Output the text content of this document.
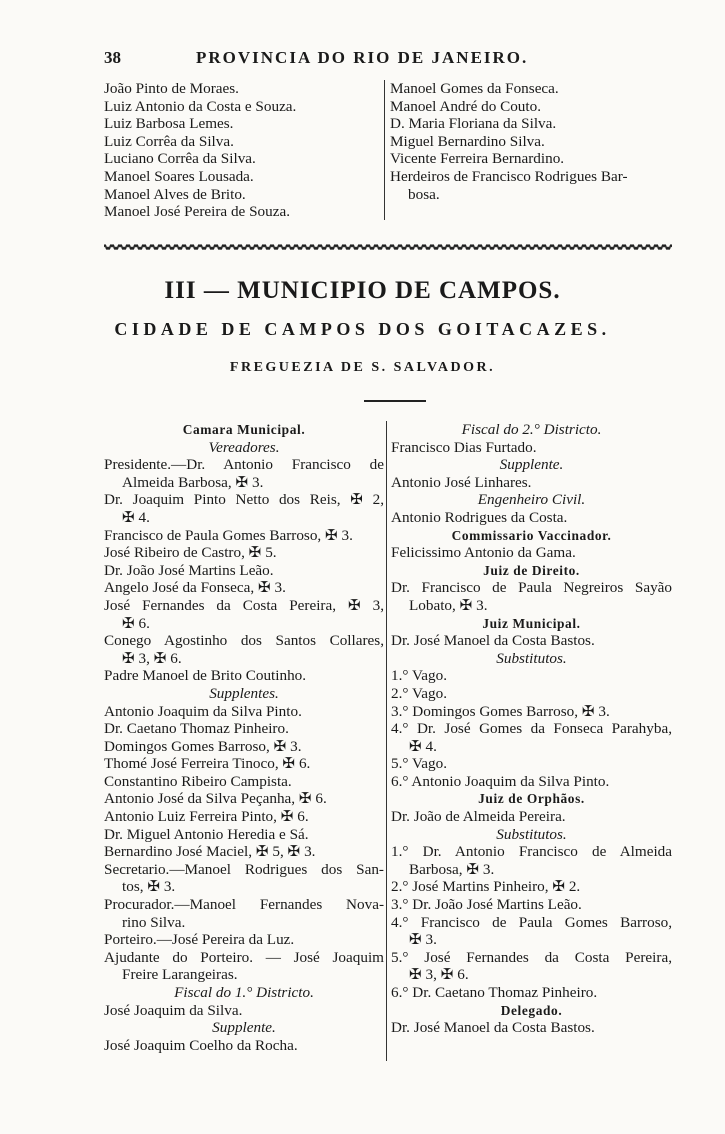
38	PROVINCIA DO RIO DE JANEIRO.
João Pinto de Moraes.
Luiz Antonio da Costa e Souza.
Luiz Barbosa Lemes.
Luiz Corrêa da Silva.
Luciano Corrêa da Silva.
Manoel Soares Lousada.
Manoel Alves de Brito.
Manoel José Pereira de Souza.
Manoel Gomes da Fonseca.
Manoel André do Couto.
D. Maria Floriana da Silva.
Miguel Bernardino Silva.
Vicente Ferreira Bernardino.
Herdeiros de Francisco Rodrigues Bar-
bosa.
III — MUNICIPIO DE CAMPOS.
CIDADE DE CAMPOS DOS GOITACAZES.
FREGUEZIA DE S. SALVADOR.
Camara Municipal.
Vereadores.
Presidente.—Dr. Antonio Francisco de
Almeida Barbosa, ✠ 3.
Dr. Joaquim Pinto Netto dos Reis, ✠ 2,
✠ 4.
Francisco de Paula Gomes Barroso, ✠ 3.
José Ribeiro de Castro, ✠ 5.
Dr. João José Martins Leão.
Angelo José da Fonseca, ✠ 3.
José Fernandes da Costa Pereira, ✠ 3,
✠ 6.
Conego Agostinho dos Santos Collares,
✠ 3, ✠ 6.
Padre Manoel de Brito Coutinho.
Supplentes.
Antonio Joaquim da Silva Pinto.
Dr. Caetano Thomaz Pinheiro.
Domingos Gomes Barroso, ✠ 3.
Thomé José Ferreira Tinoco, ✠ 6.
Constantino Ribeiro Campista.
Antonio José da Silva Peçanha, ✠ 6.
Antonio Luiz Ferreira Pinto, ✠ 6.
Dr. Miguel Antonio Heredia e Sá.
Bernardino José Maciel, ✠ 5, ✠ 3.
Secretario.—Manoel Rodrigues dos San-
tos, ✠ 3.
Procurador.—Manoel Fernandes Nova-
rino Silva.
Porteiro.—José Pereira da Luz.
Ajudante do Porteiro. — José Joaquim
Freire Larangeiras.
Fiscal do 1.° Districto.
José Joaquim da Silva.
Supplente.
José Joaquim Coelho da Rocha.
Fiscal do 2.° Districto.
Francisco Dias Furtado.
Supplente.
Antonio José Linhares.
Engenheiro Civil.
Antonio Rodrigues da Costa.
Commissario Vaccinador.
Felicissimo Antonio da Gama.
Juiz de Direito.
Dr. Francisco de Paula Negreiros Sayão
Lobato, ✠ 3.
Juiz Municipal.
Dr. José Manoel da Costa Bastos.
Substitutos.
1.° Vago.
2.° Vago.
3.° Domingos Gomes Barroso, ✠ 3.
4.° Dr. José Gomes da Fonseca Parahyba,
✠ 4.
5.° Vago.
6.° Antonio Joaquim da Silva Pinto.
Juiz de Orphãos.
Dr. João de Almeida Pereira.
Substitutos.
1.° Dr. Antonio Francisco de Almeida
Barbosa, ✠ 3.
2.° José Martins Pinheiro, ✠ 2.
3.° Dr. João José Martins Leão.
4.° Francisco de Paula Gomes Barroso,
✠ 3.
5.° José Fernandes da Costa Pereira,
✠ 3, ✠ 6.
6.° Dr. Caetano Thomaz Pinheiro.
Delegado.
Dr. José Manoel da Costa Bastos.
